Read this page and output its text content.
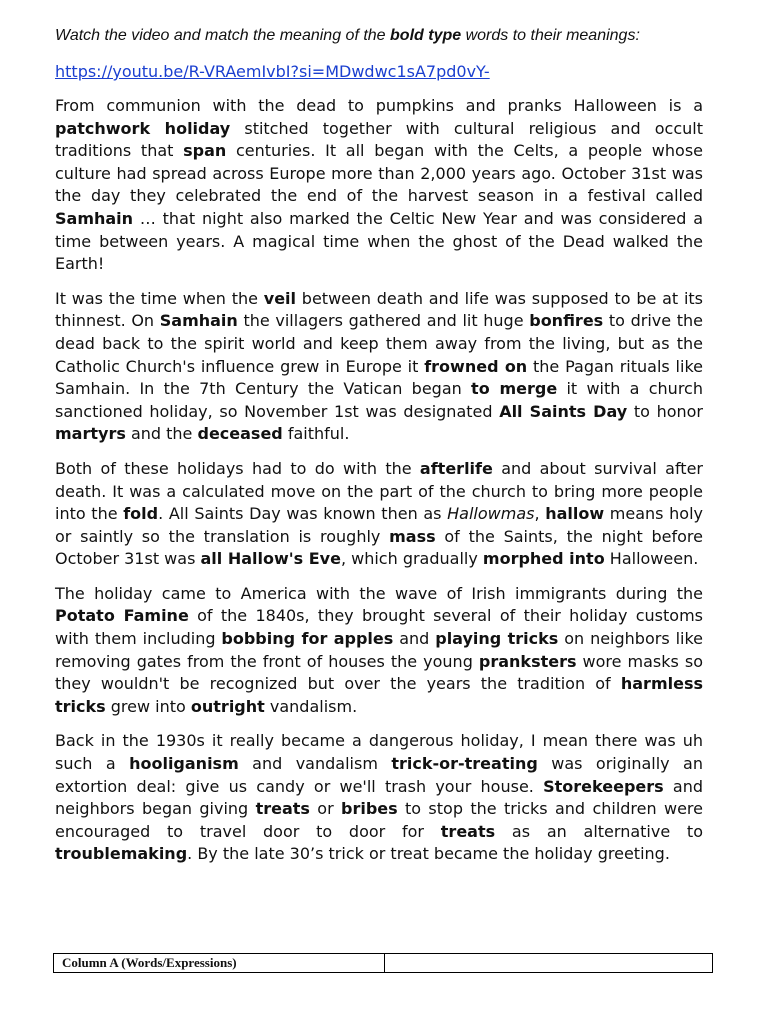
Watch the video and match the meaning of the bold type words to their meanings:

https://youtu.be/R-VRAemIvbI?si=MDwdwc1sA7pd0vY-

From communion with the dead to pumpkins and pranks Halloween is a patchwork holiday stitched together with cultural religious and occult traditions that span centuries. It all began with the Celts, a people whose culture had spread across Europe more than 2,000 years ago. October 31st was the day they celebrated the end of the harvest season in a festival called Samhain … that night also marked the Celtic New Year and was considered a time between years. A magical time when the ghost of the Dead walked the Earth!

It was the time when the veil between death and life was supposed to be at its thinnest. On Samhain the villagers gathered and lit huge bonfires to drive the dead back to the spirit world and keep them away from the living, but as the Catholic Church's influence grew in Europe it frowned on the Pagan rituals like Samhain. In the 7th Century the Vatican began to merge it with a church sanctioned holiday, so November 1st was designated All Saints Day to honor martyrs and the deceased faithful.

Both of these holidays had to do with the afterlife and about survival after death. It was a calculated move on the part of the church to bring more people into the fold. All Saints Day was known then as Hallowmas, hallow means holy or saintly so the translation is roughly mass of the Saints, the night before October 31st was all Hallow's Eve, which gradually morphed into Halloween.

The holiday came to America with the wave of Irish immigrants during the Potato Famine of the 1840s, they brought several of their holiday customs with them including bobbing for apples and playing tricks on neighbors like removing gates from the front of houses the young pranksters wore masks so they wouldn't be recognized but over the years the tradition of harmless tricks grew into outright vandalism.

Back in the 1930s it really became a dangerous holiday, I mean there was uh such a hooliganism and vandalism trick-or-treating was originally an extortion deal: give us candy or we'll trash your house. Storekeepers and neighbors began giving treats or bribes to stop the tricks and children were encouraged to travel door to door for treats as an alternative to troublemaking. By the late 30’s trick or treat became the holiday greeting.

Column A (Words/Expressions)	
